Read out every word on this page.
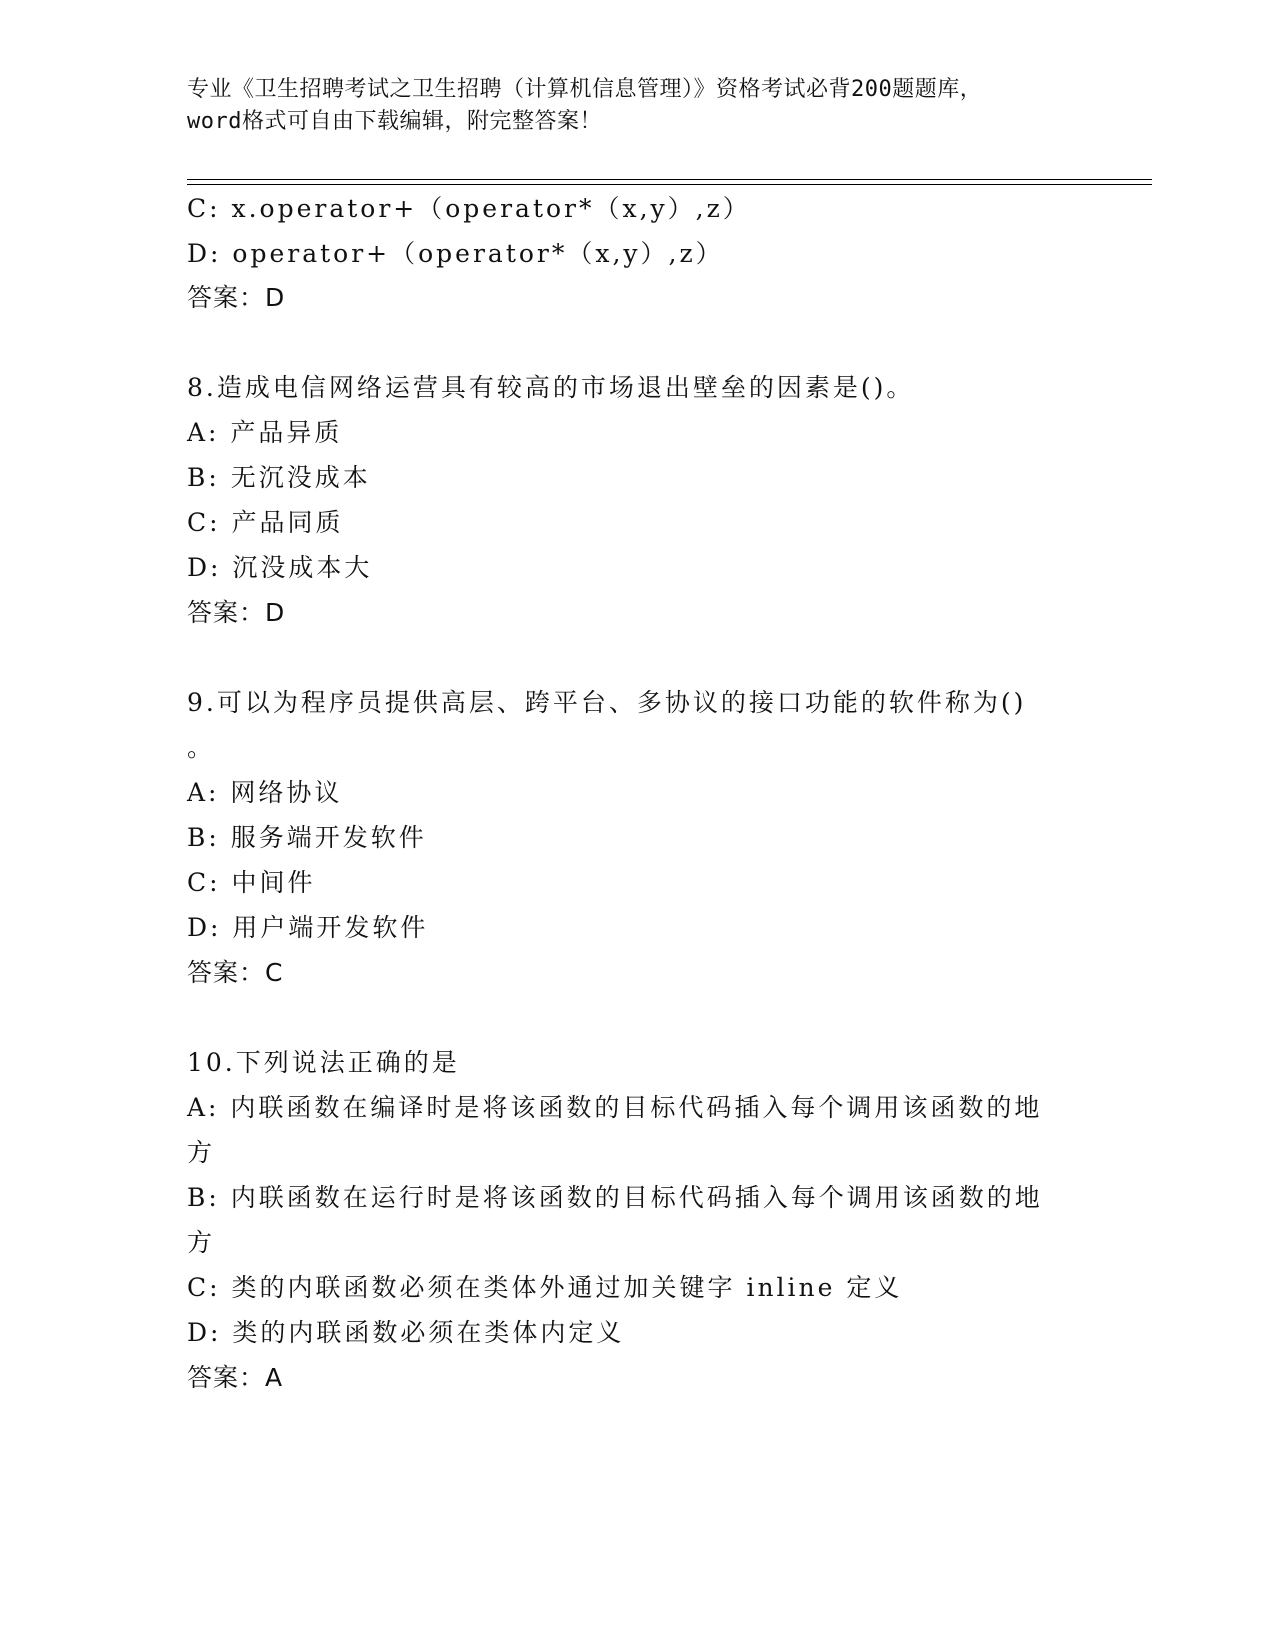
专业《卫生招聘考试之卫生招聘（计算机信息管理）》资格考试必背200题题库，
word格式可自由下载编辑，附完整答案！
C: x.operator+（operator*（x,y）,z）
D: operator+（operator*（x,y）,z）
答案：D
8.造成电信网络运营具有较高的市场退出壁垒的因素是()。
A: 产品异质
B: 无沉没成本
C: 产品同质
D: 沉没成本大
答案：D
9.可以为程序员提供高层、跨平台、多协议的接口功能的软件称为()
。
A: 网络协议
B: 服务端开发软件
C: 中间件
D: 用户端开发软件
答案：C
10.下列说法正确的是
A: 内联函数在编译时是将该函数的目标代码插入每个调用该函数的地
方
B: 内联函数在运行时是将该函数的目标代码插入每个调用该函数的地
方
C: 类的内联函数必须在类体外通过加关键字 inline 定义
D: 类的内联函数必须在类体内定义
答案：A
